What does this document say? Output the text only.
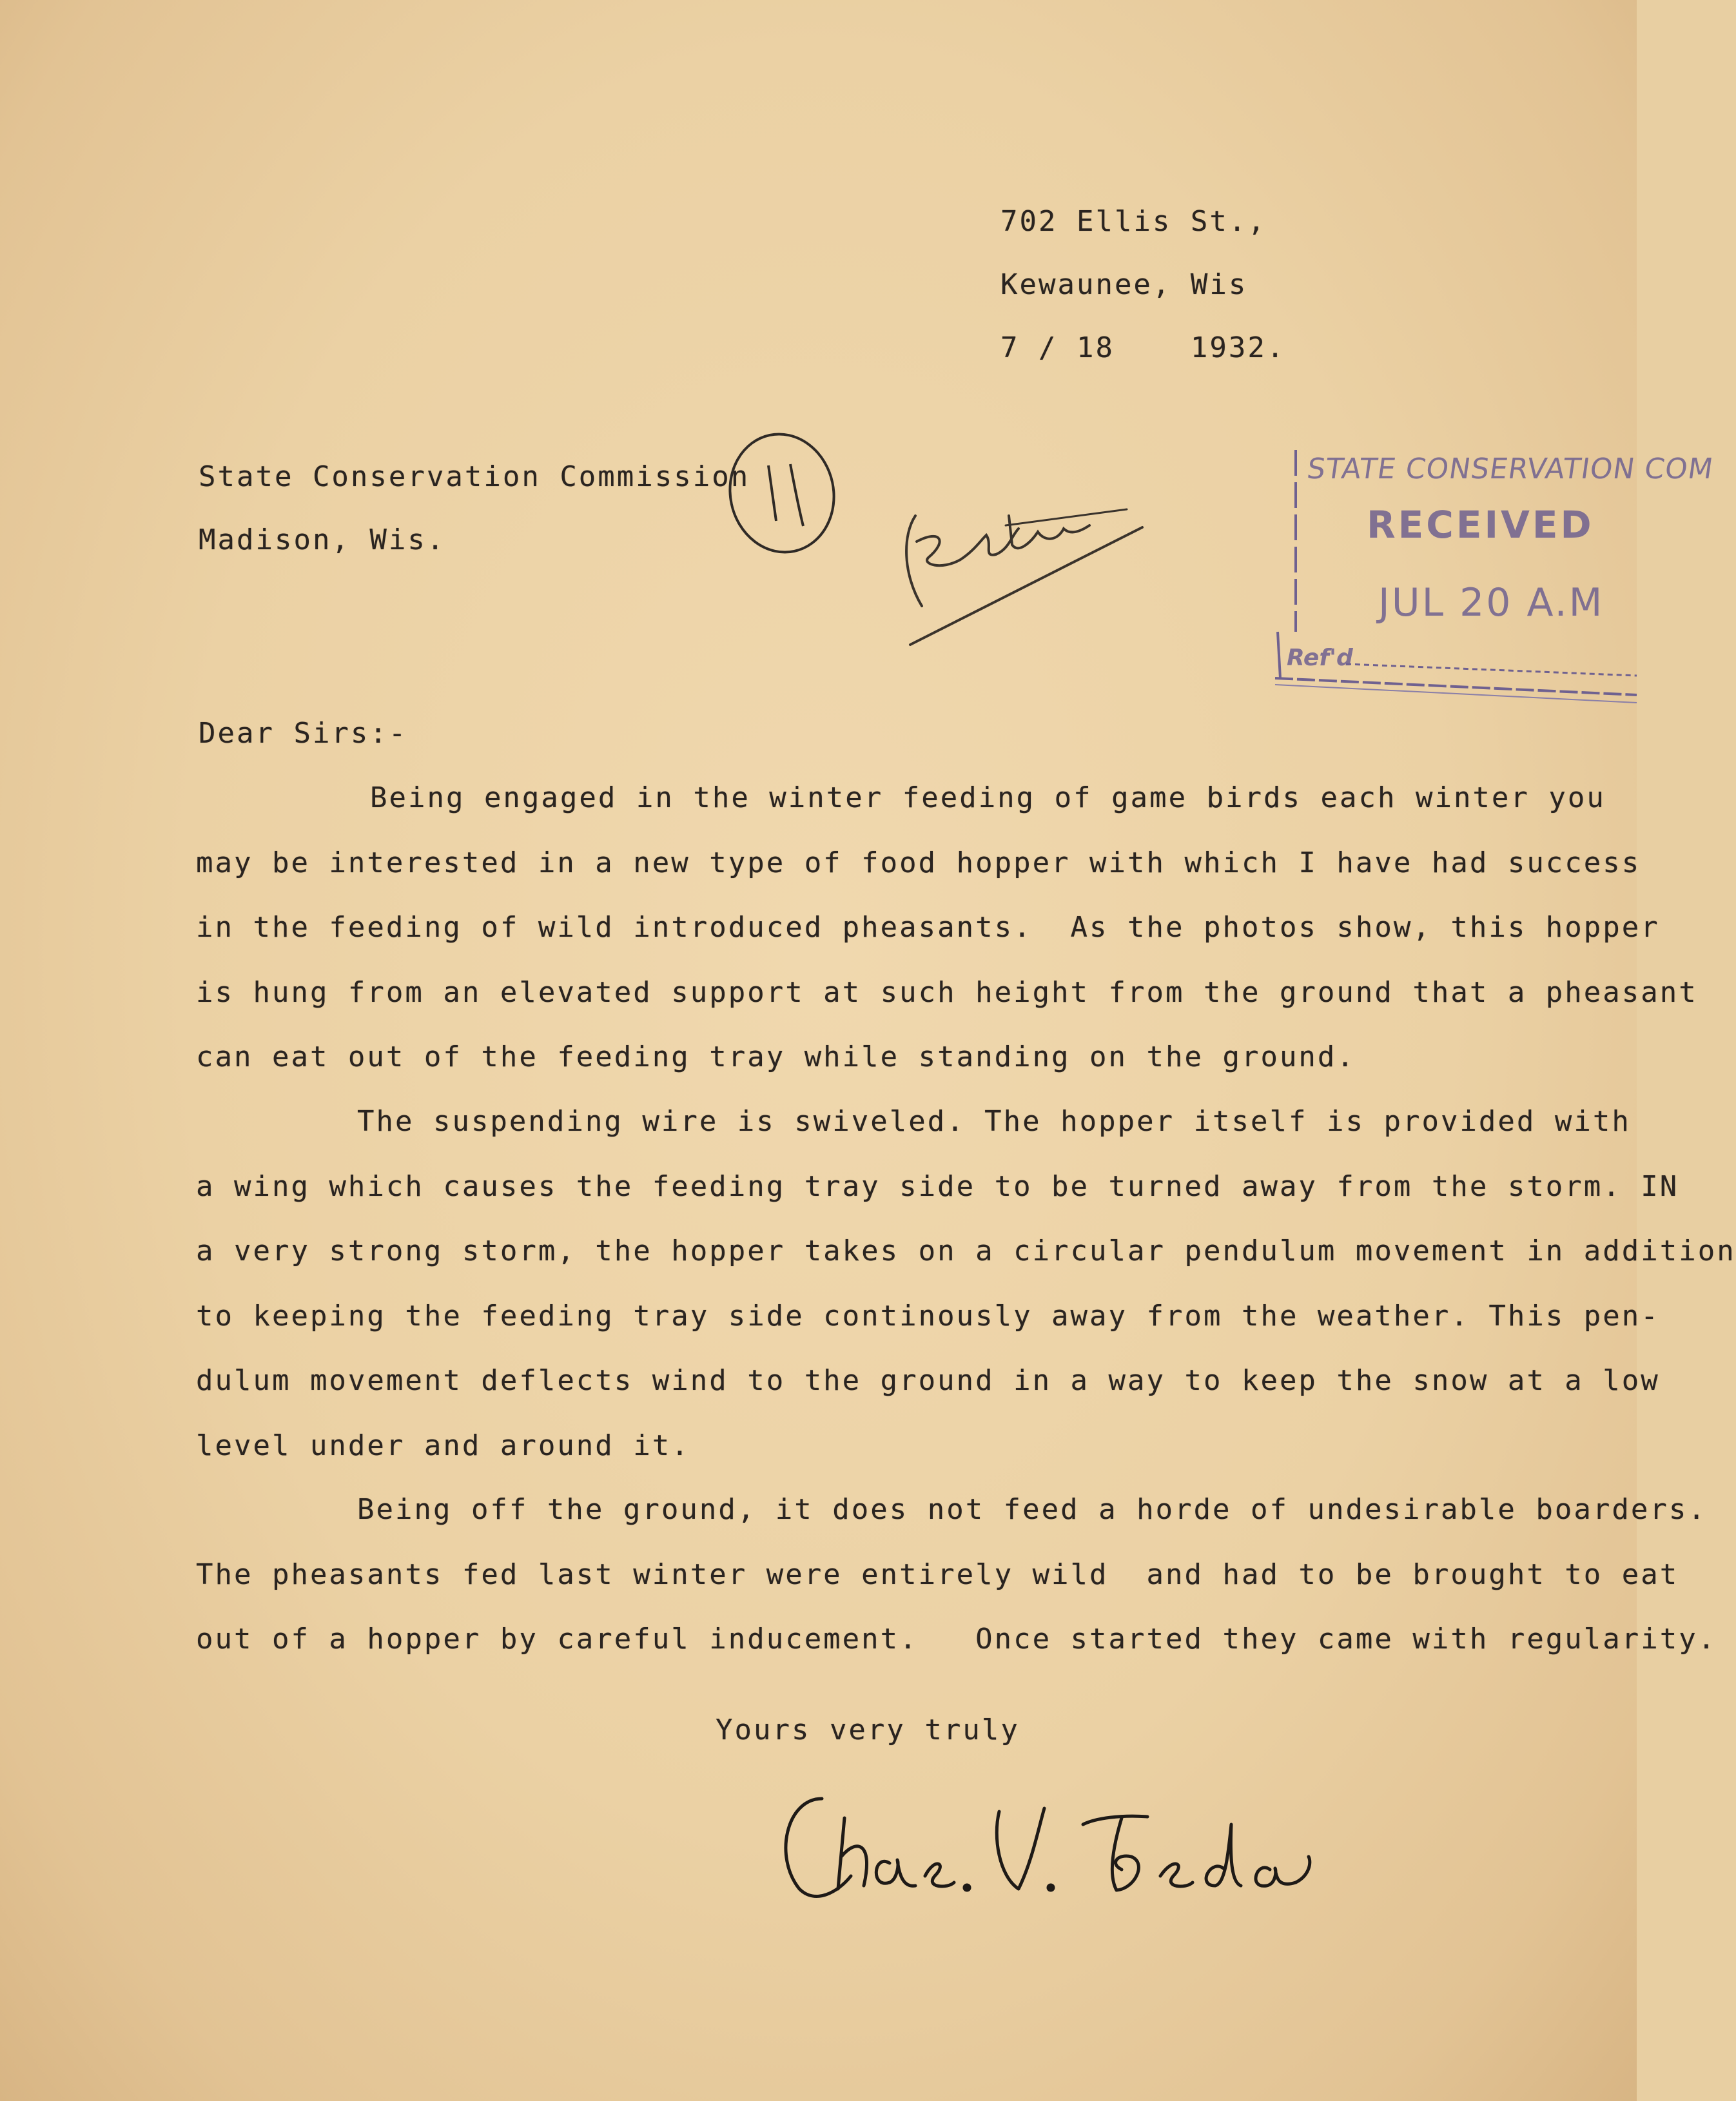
702 Ellis St.,
Kewaunee, Wis
7 / 18    1932.
State Conservation Commission
Madison, Wis.
11
STATE CONSERVATION COM
RECEIVED
JUL 20 A.M
Ref'd
Dear Sirs:-
Being engaged in the winter feeding of game birds each winter you
may be interested in a new type of food hopper with which I have had success
in the feeding of wild introduced pheasants.  As the photos show, this hopper
is hung from an elevated support at such height from the ground that a pheasant
can eat out of the feeding tray while standing on the ground.
The suspending wire is swiveled. The hopper itself is provided with
a wing which causes the feeding tray side to be turned away from the storm. IN
a very strong storm, the hopper takes on a circular pendulum movement in addition
to keeping the feeding tray side continously away from the weather. This pen-
dulum movement deflects wind to the ground in a way to keep the snow at a low
level under and around it.
Being off the ground, it does not feed a horde of undesirable boarders.
The pheasants fed last winter were entirely wild  and had to be brought to eat
out of a hopper by careful inducement.   Once started they came with regularity.
Yours very truly
